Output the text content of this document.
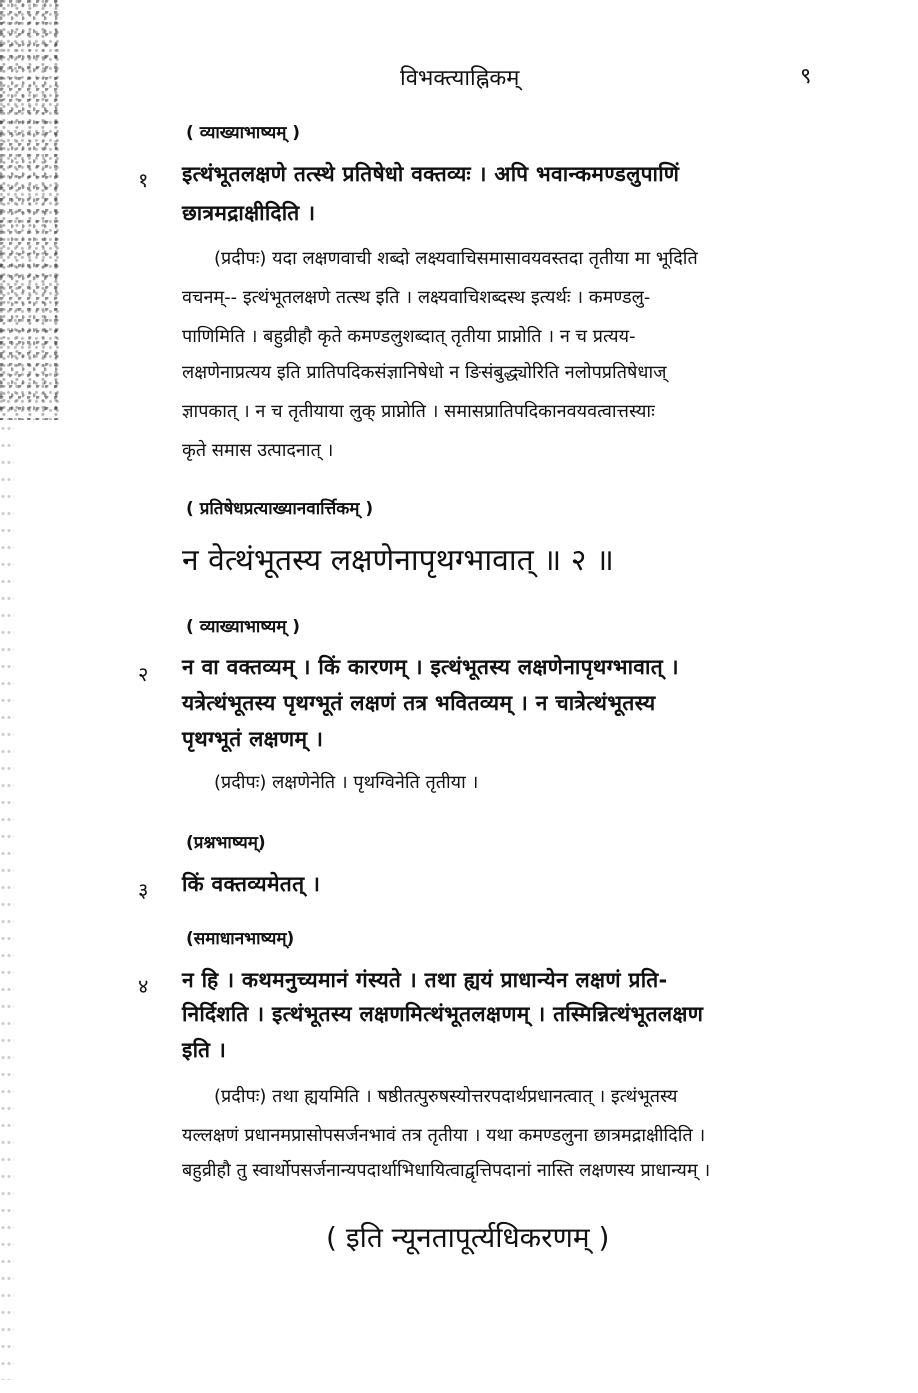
विभक्त्याह्निकम्	९
( व्याख्याभाष्यम् )
१ इत्थंभूतलक्षणे तत्स्थे प्रतिषेधो वक्तव्यः । अपि भवान्कमण्डलुपाणिं
छात्रमद्राक्षीदिति ।
(प्रदीपः) यदा लक्षणवाची शब्दो लक्ष्यवाचिसमासावयवस्तदा तृतीया मा भूदिति
वचनम्-- इत्थंभूतलक्षणे तत्स्थ इति । लक्ष्यवाचिशब्दस्थ इत्यर्थः । कमण्डलु-
पाणिमिति । बहुव्रीहौ कृते कमण्डलुशब्दात् तृतीया प्राप्नोति । न च प्रत्यय-
लक्षणेनाप्रत्यय इति प्रातिपदिकसंज्ञानिषेधो न ङिसंबुद्ध्योरिति नलोपप्रतिषेधाज्
ज्ञापकात् । न च तृतीयाया लुक् प्राप्नोति । समासप्रातिपदिकानवयवत्वात्तस्याः
कृते समास उत्पादनात् ।
( प्रतिषेधप्रत्याख्यानवार्त्तिकम् )
न वेत्थंभूतस्य लक्षणेनापृथग्भावात् ॥ २ ॥
( व्याख्याभाष्यम् )
२ न वा वक्तव्यम् । किं कारणम् । इत्थंभूतस्य लक्षणेनापृथग्भावात् ।
यत्रेत्थंभूतस्य पृथग्भूतं लक्षणं तत्र भवितव्यम् । न चात्रेत्थंभूतस्य
पृथग्भूतं लक्षणम् ।
(प्रदीपः) लक्षणेनेति । पृथग्विनेति तृतीया ।
(प्रश्नभाष्यम्)
३ किं वक्तव्यमेतत् ।
(समाधानभाष्यम्)
४ न हि । कथमनुच्यमानं गंस्यते । तथा ह्ययं प्राधान्येन लक्षणं प्रति-
निर्दिशति । इत्थंभूतस्य लक्षणमित्थंभूतलक्षणम् । तस्मिन्नित्थंभूतलक्षण
इति ।
(प्रदीपः) तथा ह्ययमिति । षष्ठीतत्पुरुषस्योत्तरपदार्थप्रधानत्वात् । इत्थंभूतस्य
यल्लक्षणं प्रधानमप्रासोपसर्जनभावं तत्र तृतीया । यथा कमण्डलुना छात्रमद्राक्षीदिति ।
बहुव्रीहौ तु स्वार्थोपसर्जनान्यपदार्थाभिधायित्वाद्वृत्तिपदानां नास्ति लक्षणस्य प्राधान्यम् ।
( इति न्यूनतापूर्त्यधिकरणम् )
